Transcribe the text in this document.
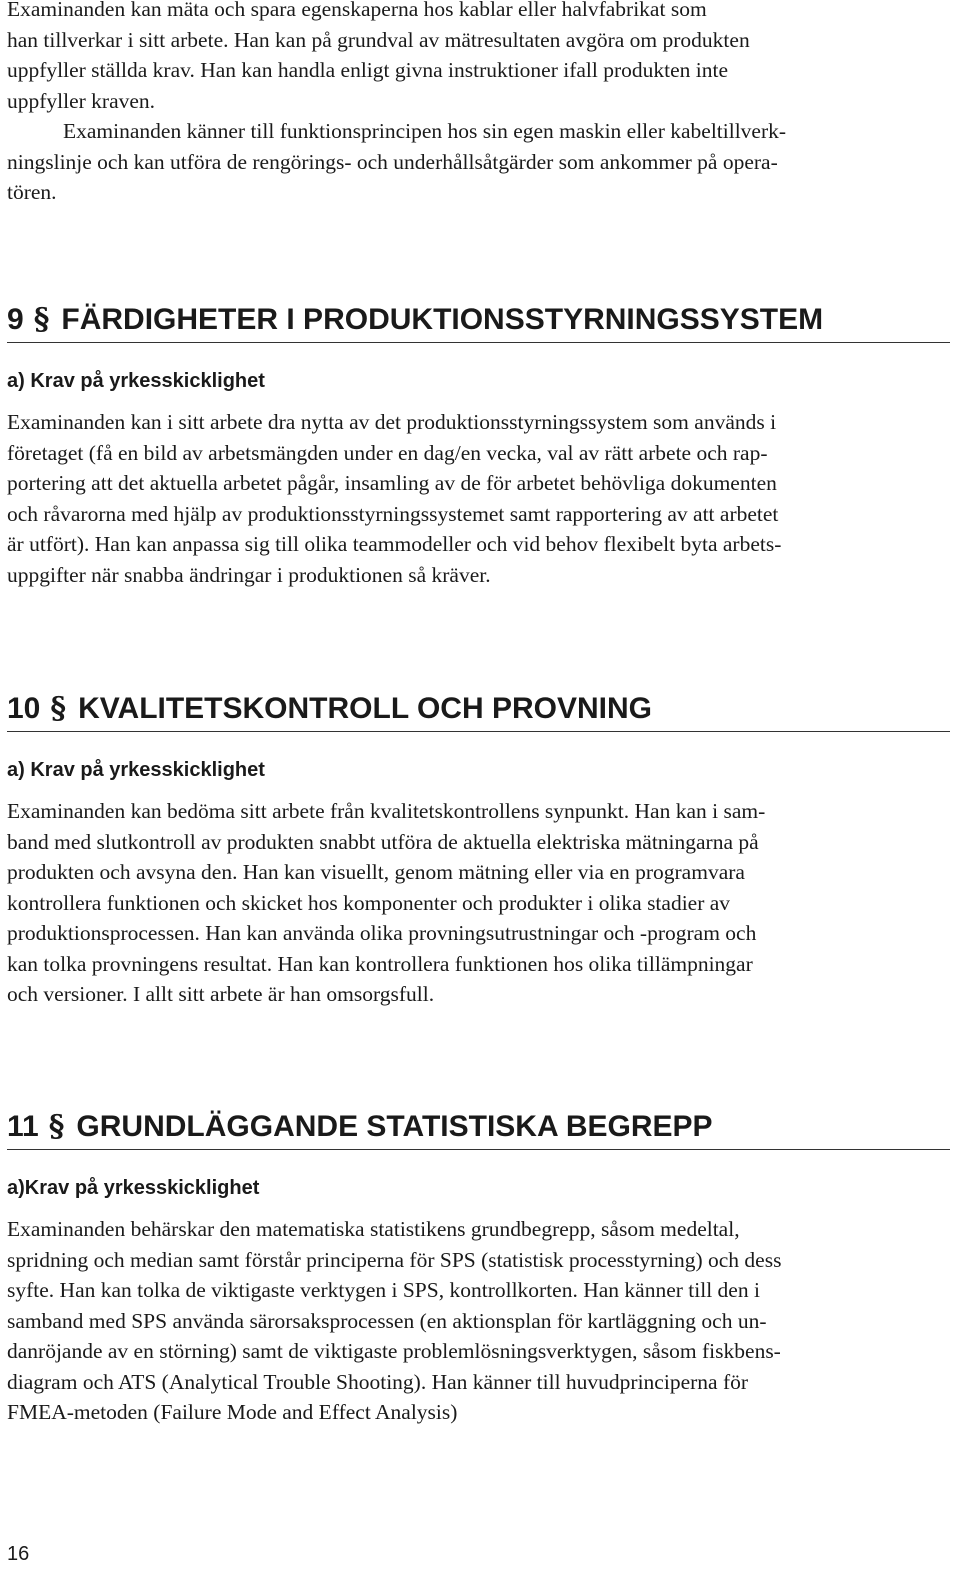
Examinanden kan mäta och spara egenskaperna hos kablar eller halvfabrikat som
han tillverkar i sitt arbete. Han kan på grundval av mätresultaten avgöra om produkten
uppfyller ställda krav. Han kan handla enligt givna instruktioner ifall produkten inte
uppfyller kraven.

Examinanden känner till funktionsprincipen hos sin egen maskin eller kabeltillverk-
ningslinje och kan utföra de rengörings- och underhållsåtgärder som ankommer på opera-
tören.

9 § FÄRDIGHETER I PRODUKTIONSSTYRNINGSSYSTEM
a) Krav på yrkesskicklighet

Examinanden kan i sitt arbete dra nytta av det produktionsstyrningssystem som används i
företaget (få en bild av arbetsmängden under en dag/en vecka, val av rätt arbete och rap-
portering att det aktuella arbetet pågår, insamling av de för arbetet behövliga dokumenten
och råvarorna med hjälp av produktionsstyrningssystemet samt rapportering av att arbetet
är utfört). Han kan anpassa sig till olika teammodeller och vid behov flexibelt byta arbets-
uppgifter när snabba ändringar i produktionen så kräver.

10 § KVALITETSKONTROLL OCH PROVNING
a) Krav på yrkesskicklighet

Examinanden kan bedöma sitt arbete från kvalitetskontrollens synpunkt. Han kan i sam-
band med slutkontroll av produkten snabbt utföra de aktuella elektriska mätningarna på
produkten och avsyna den. Han kan visuellt, genom mätning eller via en programvara
kontrollera funktionen och skicket hos komponenter och produkter i olika stadier av
produktionsprocessen. Han kan använda olika provningsutrustningar och -program och
kan tolka provningens resultat. Han kan kontrollera funktionen hos olika tillämpningar
och versioner. I allt sitt arbete är han omsorgsfull.

11 § GRUNDLÄGGANDE STATISTISKA BEGREPP
a)Krav på yrkesskicklighet

Examinanden behärskar den matematiska statistikens grundbegrepp, såsom medeltal,
spridning och median samt förstår principerna för SPS (statistisk processtyrning) och dess
syfte. Han kan tolka de viktigaste verktygen i SPS, kontrollkorten. Han känner till den i
samband med SPS använda särorsaksprocessen (en aktionsplan för kartläggning och un-
danröjande av en störning) samt de viktigaste problemlösningsverktygen, såsom fiskbens-
diagram och ATS (Analytical Trouble Shooting). Han känner till huvudprinciperna för
FMEA-metoden (Failure Mode and Effect Analysis)

16
